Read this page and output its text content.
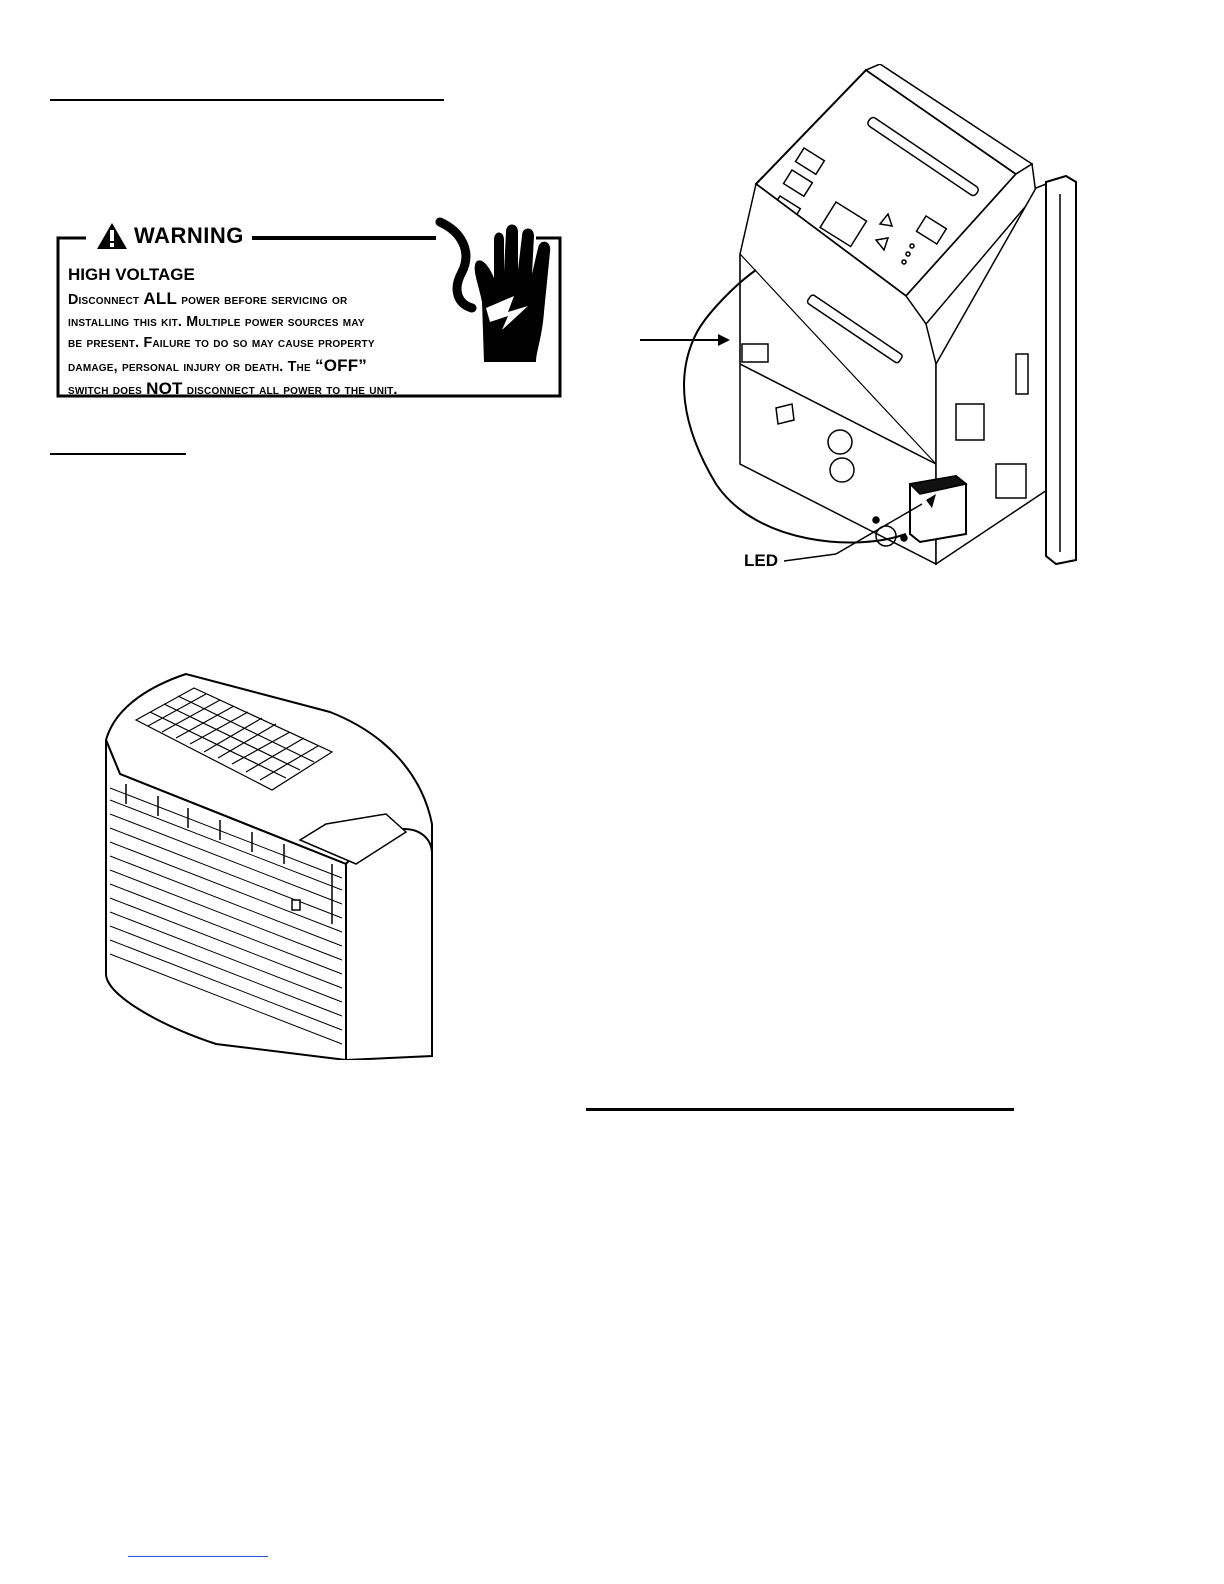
WARNING
HIGH VOLTAGE
Disconnect ALL power before servicing or
installing this kit. Multiple power sources may
be present. Failure to do so may cause property
damage, personal injury or death. The “OFF”
switch does NOT disconnect all power to the unit.
LED
